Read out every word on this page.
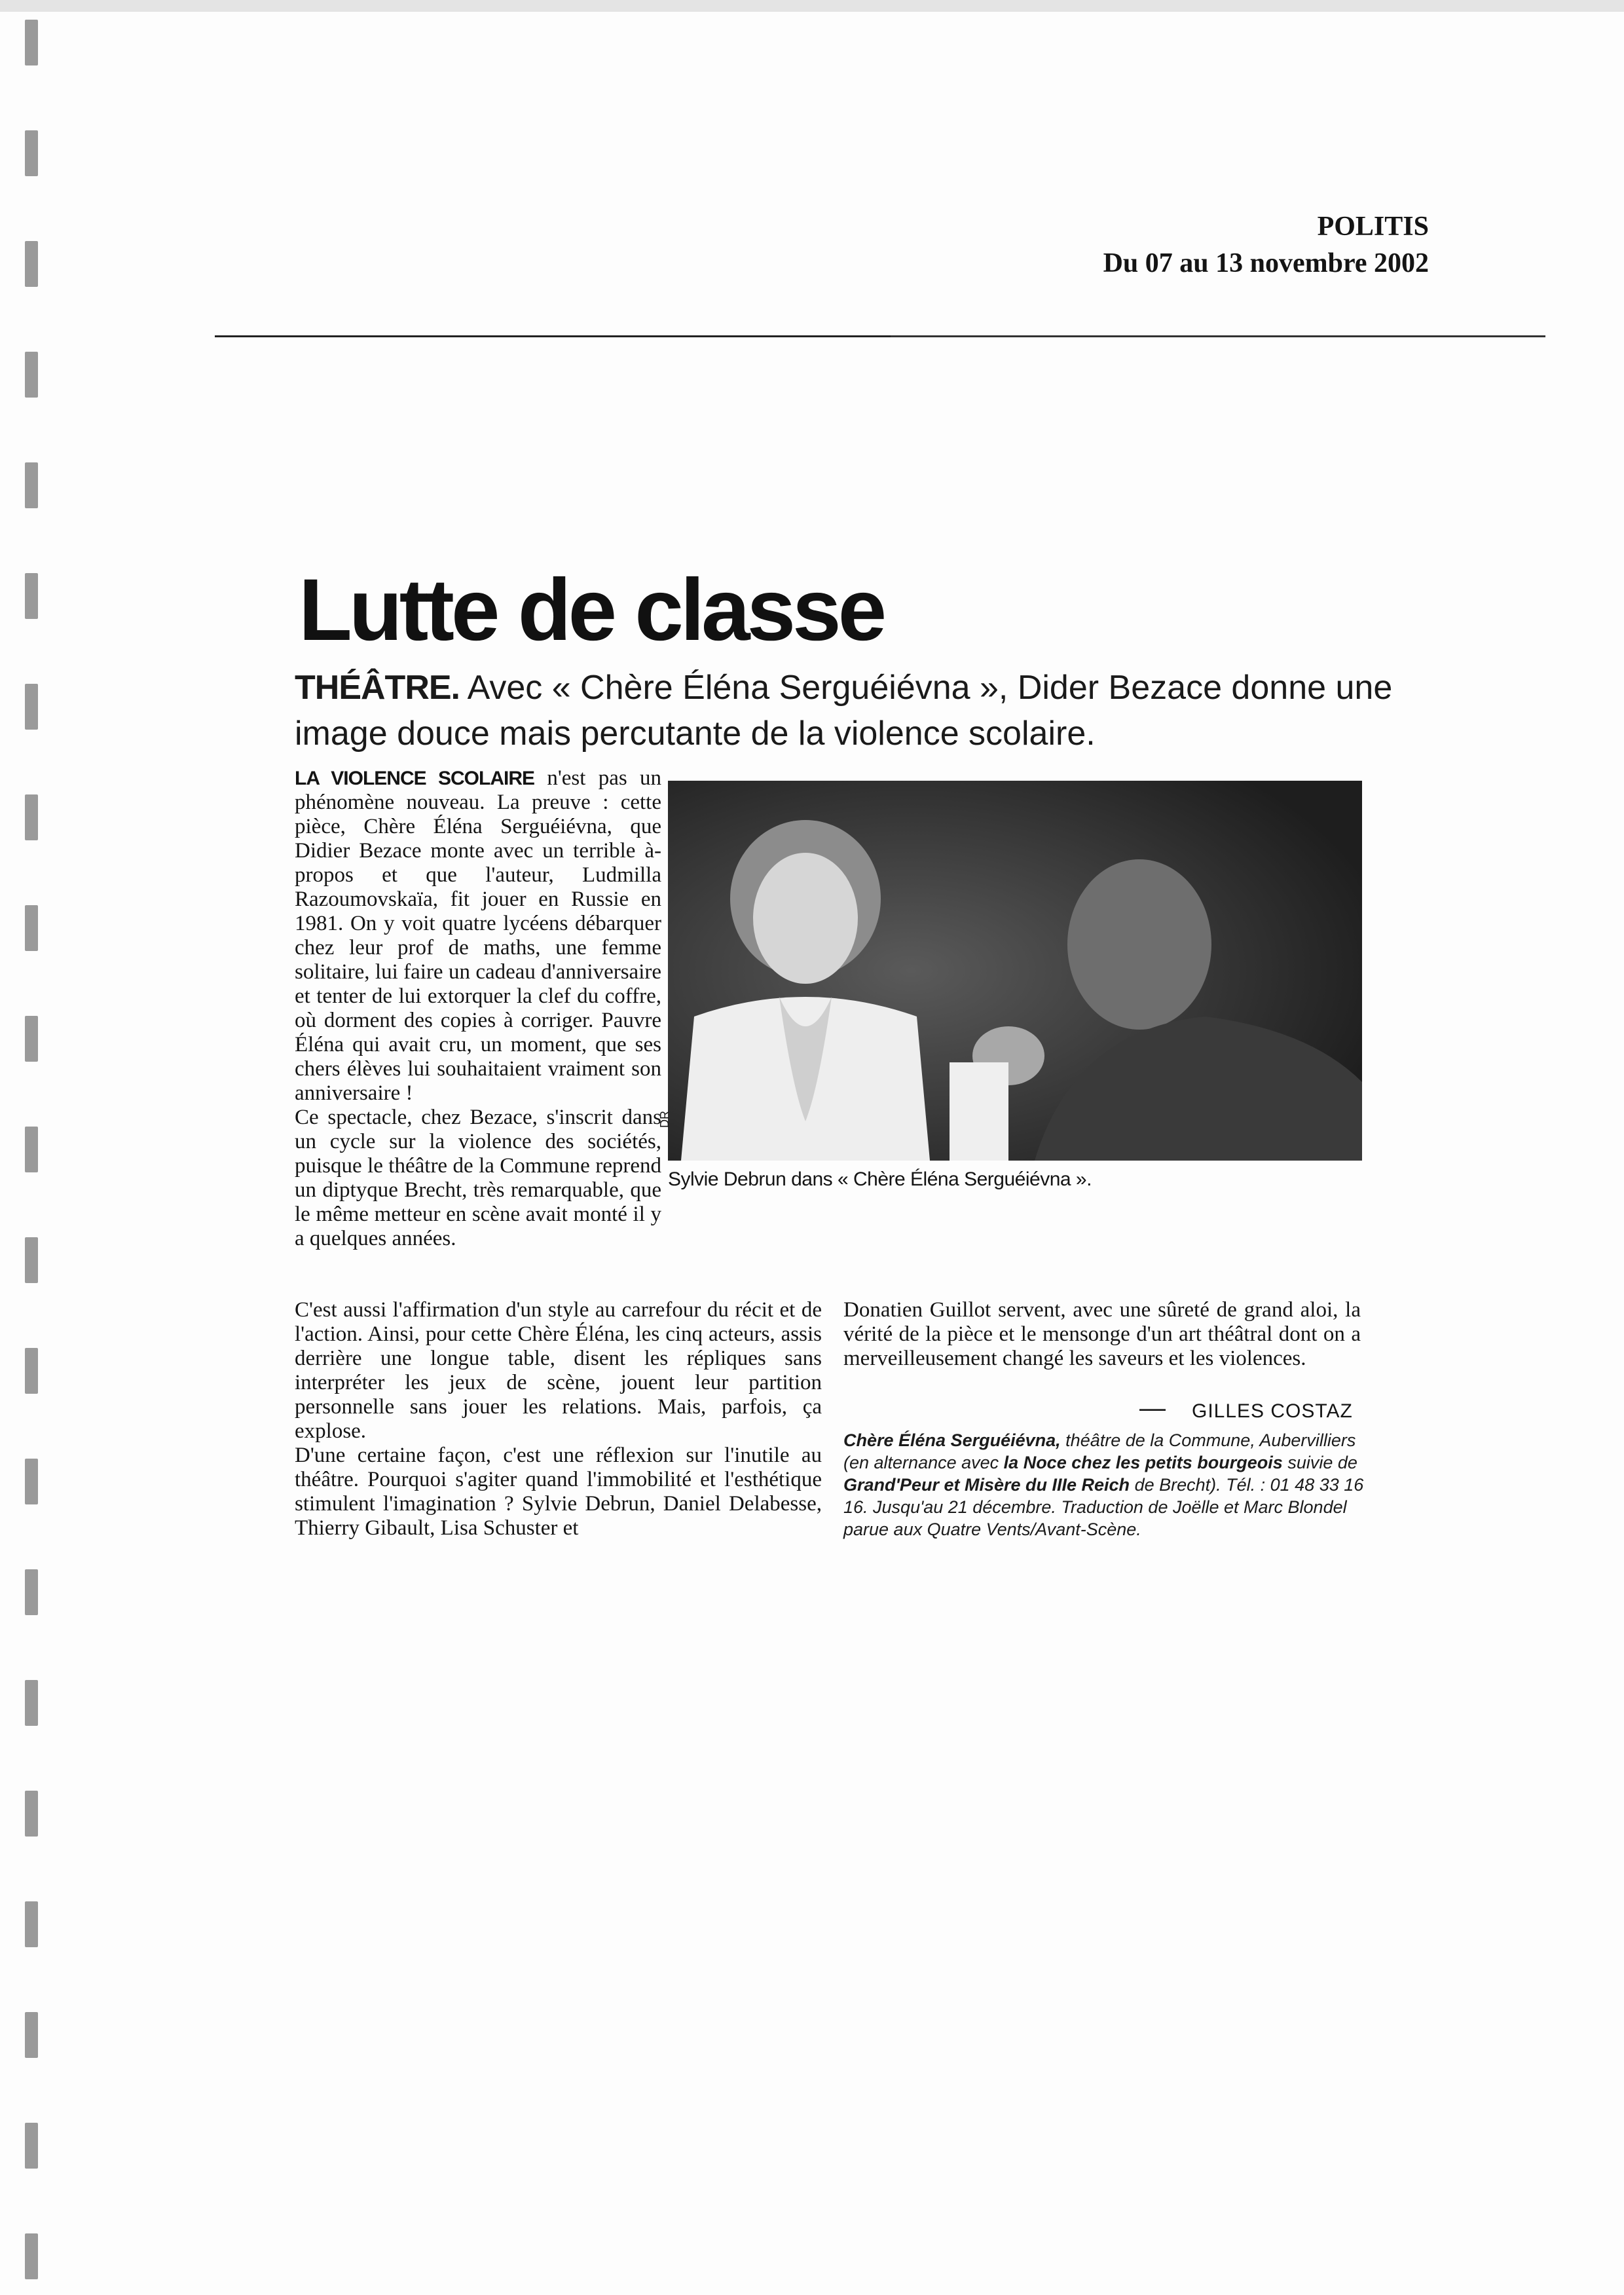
POLITIS
Du 07 au 13 novembre 2002
Lutte de classe

THÉÂTRE. Avec « Chère Éléna Serguéiévna », Dider Bezace donne une image douce mais percutante de la violence scolaire.

LA VIOLENCE SCOLAIRE n'est pas un phénomène nouveau. La preuve : cette pièce, Chère Éléna Serguéiévna, que Didier Bezace monte avec un terrible à-propos et que l'auteur, Ludmilla Razoumovskaïa, fit jouer en Russie en 1981. On y voit quatre lycéens débarquer chez leur prof de maths, une femme solitaire, lui faire un cadeau d'anniversaire et tenter de lui extorquer la clef du coffre, où dorment des copies à corriger. Pauvre Éléna qui avait cru, un moment, que ses chers élèves lui souhaitaient vraiment son anniversaire !

Ce spectacle, chez Bezace, s'inscrit dans un cycle sur la violence des sociétés, puisque le théâtre de la Commune reprend un diptyque Brecht, très remarquable, que le même metteur en scène avait monté il y a quelques années.

DR
Sylvie Debrun dans « Chère Éléna Serguéiévna ».

C'est aussi l'affirmation d'un style au carrefour du récit et de l'action. Ainsi, pour cette Chère Éléna, les cinq acteurs, assis derrière une longue table, disent les répliques sans interpréter les jeux de scène, jouent leur partition personnelle sans jouer les relations. Mais, parfois, ça explose.

D'une certaine façon, c'est une réflexion sur l'inutile au théâtre. Pourquoi s'agiter quand l'immobilité et l'esthétique stimulent l'imagination ? Sylvie Debrun, Daniel Delabesse, Thierry Gibault, Lisa Schuster et

Donatien Guillot servent, avec une sûreté de grand aloi, la vérité de la pièce et le mensonge d'un art théâtral dont on a merveilleusement changé les saveurs et les violences.

— GILLES COSTAZ
Chère Éléna Serguéiévna, théâtre de la Commune, Aubervilliers (en alternance avec la Noce chez les petits bourgeois suivie de Grand'Peur et Misère du IIIe Reich de Brecht). Tél. : 01 48 33 16 16. Jusqu'au 21 décembre. Traduction de Joëlle et Marc Blondel parue aux Quatre Vents/Avant-Scène.
